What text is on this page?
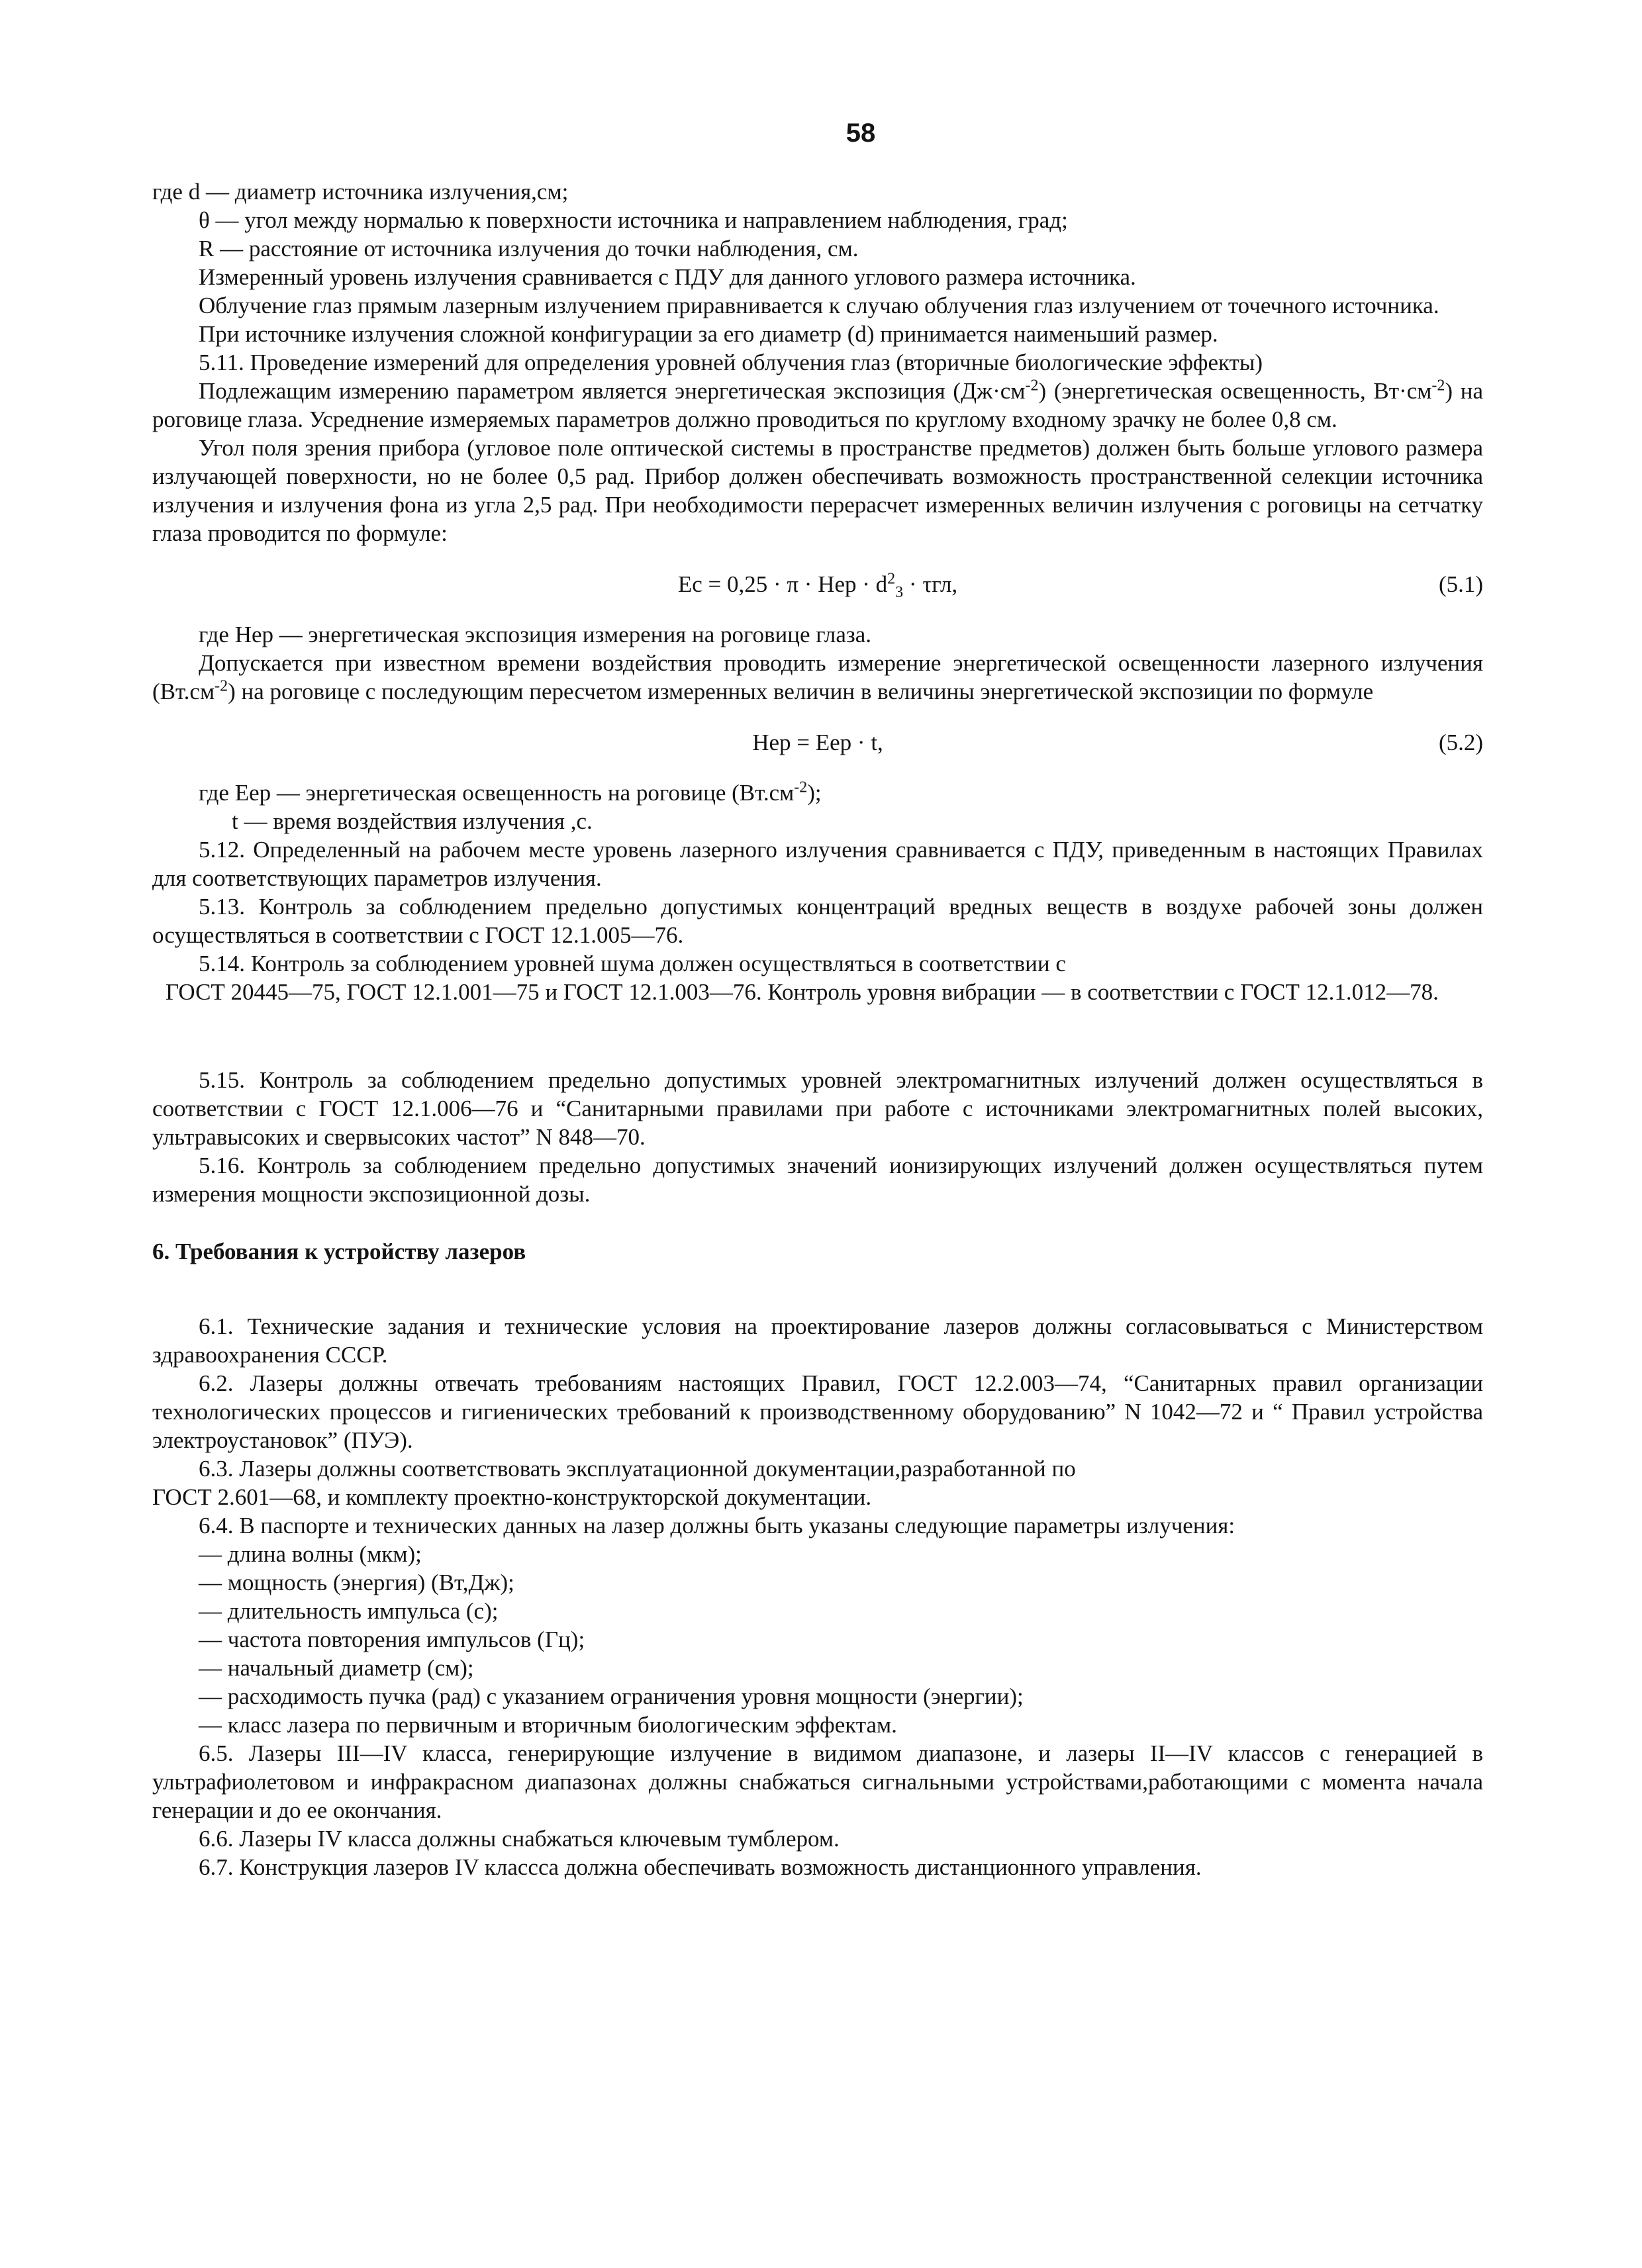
58

где d — диаметр источника излучения,см;

θ — угол между нормалью к поверхности источника и направлением наблюдения, град;

R — расстояние от источника излучения до точки наблюдения, см.

Измеренный уровень излучения сравнивается с ПДУ для данного углового размера источника.

Облучение глаз прямым лазерным излучением приравнивается к случаю облучения глаз излучением от точечного источника.

При источнике излучения сложной конфигурации за его диаметр (d) принимается наименьший размер.

5.11. Проведение измерений для определения уровней облучения глаз (вторичные биологические эффекты)

Подлежащим измерению параметром является энергетическая экспозиция $(Дж\cdot см^{-2})$ (энергетическая освещенность, $Вт\cdot см^{-2}$) на роговице глаза. Усреднение измеряемых параметров должно проводиться по круглому входному зрачку не более 0,8 см.

Угол поля зрения прибора (угловое поле оптической системы в пространстве предметов) должен быть больше углового размера излучающей поверхности, но не более 0,5 рад. Прибор должен обеспечивать возможность пространственной селекции источника излучения и излучения фона из угла 2,5 рад. При необходимости перерасчет измеренных величин излучения с роговицы на сетчатку глаза проводится по формуле:

Ес = 0,25 · π · Нер · $d^2_3 \cdot \tau гл$,	(5.1)

где Нер — энергетическая экспозиция измерения на роговице глаза.

Допускается при известном времени воздействия проводить измерение энергетической освещенности лазерного излучения $(Вт.см^{-2})$ на роговице с последующим пересчетом измеренных величин в величины энергетической экспозиции по формуле

Нер = Еер · t,	(5.2)

где Еер — энергетическая освещенность на роговице $(Вт.см^{-2})$;

t — время воздействия излучения ,с.

5.12. Определенный на рабочем месте уровень лазерного излучения сравнивается с ПДУ, приведенным в настоящих Правилах для соответствующих параметров излучения.

5.13. Контроль за соблюдением предельно допустимых концентраций вредных веществ в воздухе рабочей зоны должен осуществляться в соответствии с ГОСТ 12.1.005—76.

5.14. Контроль за соблюдением уровней шума должен осуществляться в соответствии с

ГОСТ 20445—75, ГОСТ 12.1.001—75 и ГОСТ 12.1.003—76. Контроль уровня вибрации — в соответствии с ГОСТ 12.1.012—78.

5.15. Контроль за соблюдением предельно допустимых уровней электромагнитных излучений должен осуществляться в соответствии с ГОСТ 12.1.006—76 и “Санитарными правилами при работе с источниками электромагнитных полей высоких, ультравысоких и свервысоких частот” N 848—70.

5.16. Контроль за соблюдением предельно допустимых значений ионизирующих излучений должен осуществляться путем измерения мощности экспозиционной дозы.

6. Требования к устройству лазеров

6.1. Технические задания и технические условия на проектирование лазеров должны согласовываться с Министерством здравоохранения СССР.

6.2. Лазеры должны отвечать требованиям настоящих Правил, ГОСТ 12.2.003—74, “Санитарных правил организации технологических процессов и гигиенических требований к производственному оборудованию” N 1042—72 и “ Правил устройства электроустановок” (ПУЭ).

6.3. Лазеры должны соответствовать эксплуатационной документации,разработанной по

ГОСТ 2.601—68, и комплекту проектно-конструкторской документации.

6.4. В паспорте и технических данных на лазер должны быть указаны следующие параметры излучения:

— длина волны (мкм);

— мощность (энергия) (Вт,Дж);

— длительность импульса (с);

— частота повторения импульсов (Гц);

— начальный диаметр (см);

— расходимость пучка (рад) с указанием ограничения уровня мощности (энергии);

— класс лазера по первичным и вторичным биологическим эффектам.

6.5. Лазеры III—IV класса, генерирующие излучение в видимом диапазоне, и лазеры II—IV классов с генерацией в ультрафиолетовом и инфракрасном диапазонах должны снабжаться сигнальными устройствами,работающими с момента начала генерации и до ее окончания.

6.6. Лазеры IV класса должны снабжаться ключевым тумблером.

6.7. Конструкция лазеров IV класссa должна обеспечивать возможность дистанционного управления.
